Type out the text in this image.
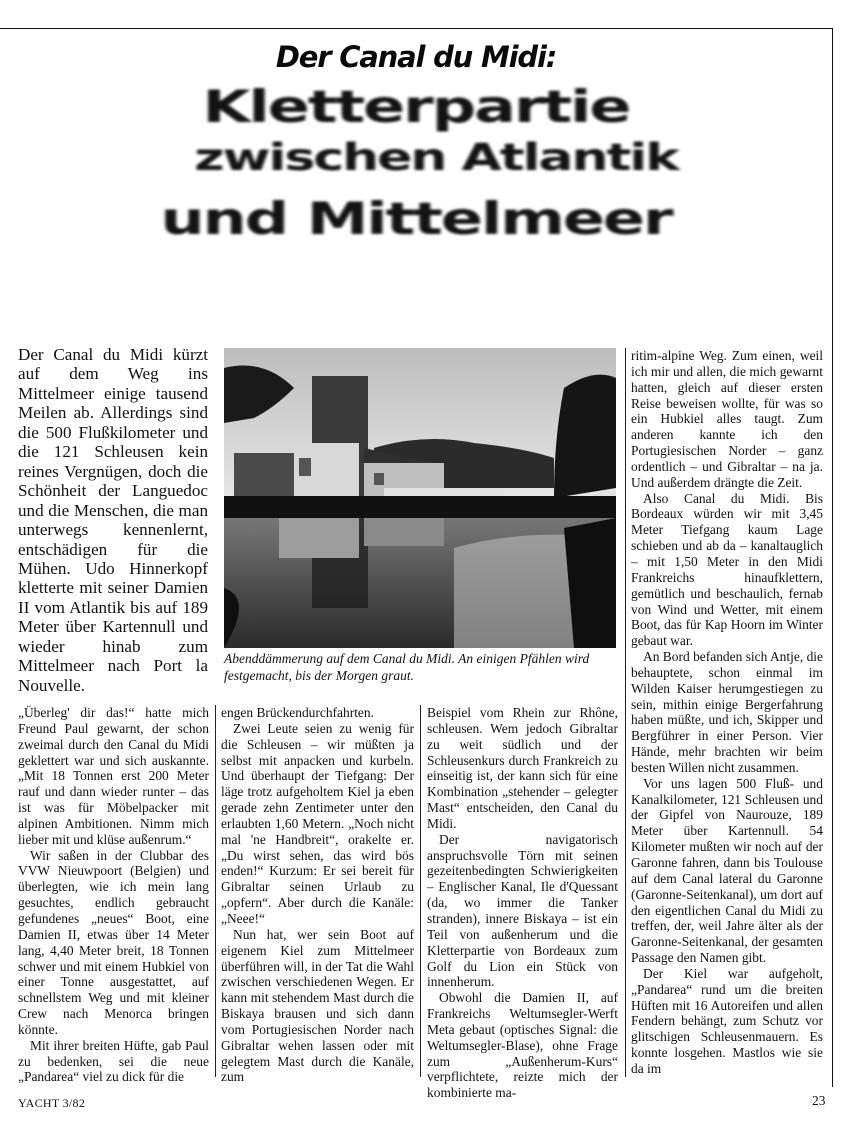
Der Canal du Midi:
Kletterpartie
zwischen Atlantik
und Mittelmeer
Der Canal du Midi kürzt auf dem Weg ins Mittelmeer einige tausend Meilen ab. Allerdings sind die 500 Flußkilometer und die 121 Schleusen kein reines Vergnügen, doch die Schönheit der Languedoc und die Menschen, die man unterwegs kennenlernt, entschädigen für die Mühen. Udo Hinnerkopf kletterte mit seiner Damien II vom Atlantik bis auf 189 Meter über Kartennull und wieder hinab zum Mittelmeer nach Port la Nouvelle.
Abenddämmerung auf dem Canal du Midi. An einigen Pfählen wird festgemacht, bis der Morgen graut.

„Überleg' dir das!“ hatte mich Freund Paul gewarnt, der schon zweimal durch den Canal du Midi geklettert war und sich auskannte. „Mit 18 Tonnen erst 200 Meter rauf und dann wieder runter – das ist was für Möbelpacker mit alpinen Ambitionen. Nimm mich lieber mit und klüse außenrum.“

Wir saßen in der Clubbar des VVW Nieuwpoort (Belgien) und überlegten, wie ich mein lang gesuchtes, endlich gebraucht gefundenes „neues“ Boot, eine Damien II, etwas über 14 Meter lang, 4,40 Meter breit, 18 Tonnen schwer und mit einem Hubkiel von einer Tonne ausgestattet, auf schnellstem Weg und mit kleiner Crew nach Menorca bringen könnte.

Mit ihrer breiten Hüfte, gab Paul zu bedenken, sei die neue „Pandarea“ viel zu dick für die

engen Brückendurchfahrten.

Zwei Leute seien zu wenig für die Schleusen – wir müßten ja selbst mit anpacken und kurbeln. Und überhaupt der Tiefgang: Der läge trotz aufgeholtem Kiel ja eben gerade zehn Zentimeter unter den erlaubten 1,60 Metern. „Noch nicht mal 'ne Handbreit“, orakelte er. „Du wirst sehen, das wird bös enden!“ Kurzum: Er sei bereit für Gibraltar seinen Urlaub zu „opfern“. Aber durch die Kanäle: „Neee!“

Nun hat, wer sein Boot auf eigenem Kiel zum Mittelmeer überführen will, in der Tat die Wahl zwischen verschiedenen Wegen. Er kann mit stehendem Mast durch die Biskaya brausen und sich dann vom Portugiesischen Norder nach Gibraltar wehen lassen oder mit gelegtem Mast durch die Kanäle, zum

Beispiel vom Rhein zur Rhône, schleusen. Wem jedoch Gibraltar zu weit südlich und der Schleusenkurs durch Frankreich zu einseitig ist, der kann sich für eine Kombination „stehender – gelegter Mast“ entscheiden, den Canal du Midi.

Der navigatorisch anspruchsvolle Törn mit seinen gezeitenbedingten Schwierigkeiten – Englischer Kanal, Ile d'Quessant (da, wo immer die Tanker stranden), innere Biskaya – ist ein Teil von außenherum und die Kletterpartie von Bordeaux zum Golf du Lion ein Stück von innenherum.

Obwohl die Damien II, auf Frankreichs Weltumsegler-Werft Meta gebaut (optisches Signal: die Weltumsegler-Blase), ohne Frage zum „Außenherum-Kurs“ verpflichtete, reizte mich der kombinierte ma-

ritim-alpine Weg. Zum einen, weil ich mir und allen, die mich gewarnt hatten, gleich auf dieser ersten Reise beweisen wollte, für was so ein Hubkiel alles taugt. Zum anderen kannte ich den Portugiesischen Norder – ganz ordentlich – und Gibraltar – na ja. Und außerdem drängte die Zeit.

Also Canal du Midi. Bis Bordeaux würden wir mit 3,45 Meter Tiefgang kaum Lage schieben und ab da – kanaltauglich – mit 1,50 Meter in den Midi Frankreichs hinaufklettern, gemütlich und beschaulich, fernab von Wind und Wetter, mit einem Boot, das für Kap Hoorn im Winter gebaut war.

An Bord befanden sich Antje, die behauptete, schon einmal im Wilden Kaiser herumgestiegen zu sein, mithin einige Bergerfahrung haben müßte, und ich, Skipper und Bergführer in einer Person. Vier Hände, mehr brachten wir beim besten Willen nicht zusammen.

Vor uns lagen 500 Fluß- und Kanalkilometer, 121 Schleusen und der Gipfel von Naurouze, 189 Meter über Kartennull. 54 Kilometer mußten wir noch auf der Garonne fahren, dann bis Toulouse auf dem Canal lateral du Garonne (Garonne-Seitenkanal), um dort auf den eigentlichen Canal du Midi zu treffen, der, weil Jahre älter als der Garonne-Seitenkanal, der gesamten Passage den Namen gibt.

Der Kiel war aufgeholt, „Pandarea“ rund um die breiten Hüften mit 16 Autoreifen und allen Fendern behängt, zum Schutz vor glitschigen Schleusenmauern. Es konnte losgehen. Mastlos wie sie da im

YACHT 3/82	23
